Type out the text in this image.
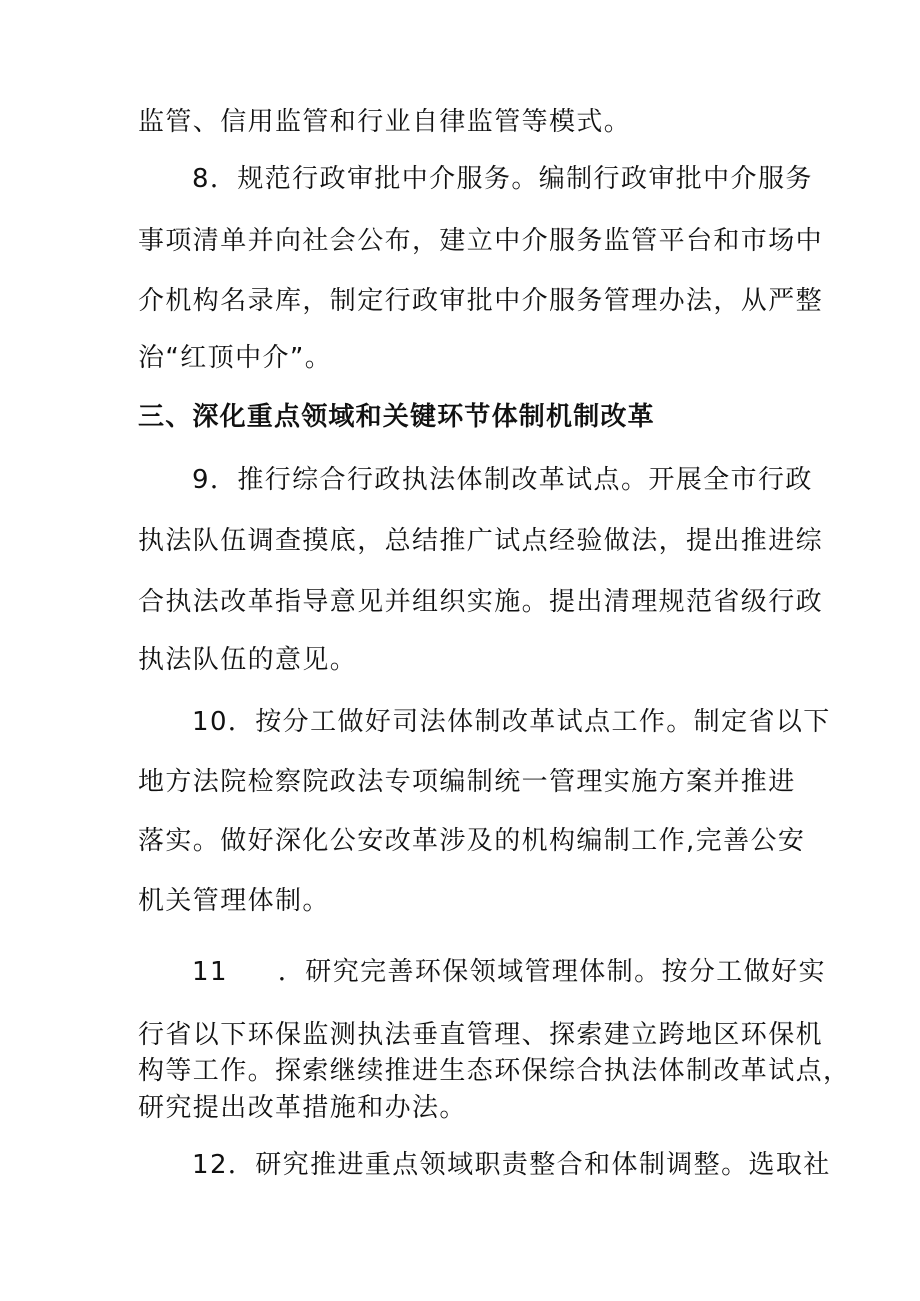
监管、信用监管和行业自律监管等模式。
8．规范行政审批中介服务。编制行政审批中介服务
事项清单并向社会公布，建立中介服务监管平台和市场中
介机构名录库，制定行政审批中介服务管理办法，从严整
治“红顶中介”。
三、深化重点领域和关键环节体制机制改革
9．推行综合行政执法体制改革试点。开展全市行政
执法队伍调查摸底，总结推广试点经验做法，提出推进综
合执法改革指导意见并组织实施。提出清理规范省级行政
执法队伍的意见。
10．按分工做好司法体制改革试点工作。制定省以下
地方法院检察院政法专项编制统一管理实施方案并推进
落实。做好深化公安改革涉及的机构编制工作,完善公安
机关管理体制。
11 ．研究完善环保领域管理体制。按分工做好实
行省以下环保监测执法垂直管理、探索建立跨地区环保机
构等工作。探索继续推进生态环保综合执法体制改革试点，
研究提出改革措施和办法。
12．研究推进重点领域职责整合和体制调整。选取社
